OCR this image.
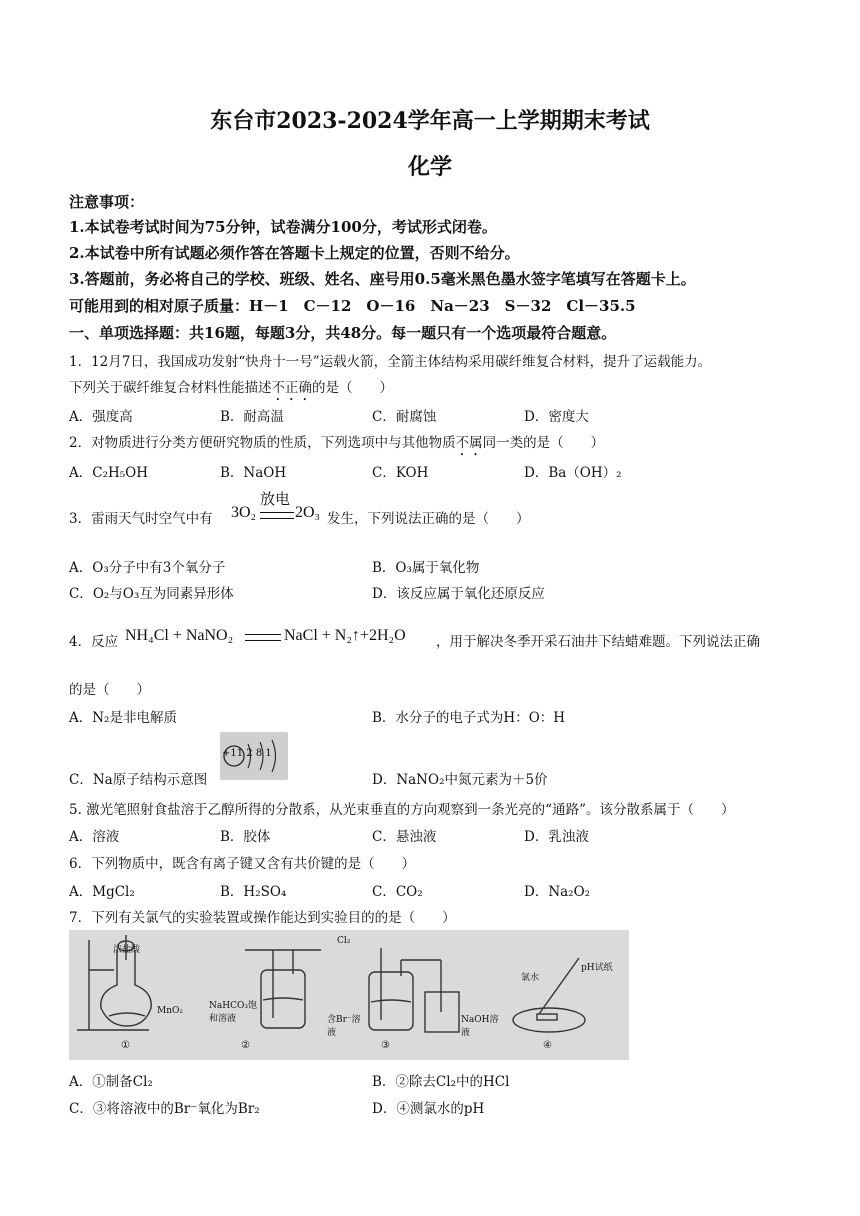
东台市2023-2024学年高一上学期期末考试
化学
注意事项：
1.本试卷考试时间为75分钟，试卷满分100分，考试形式闭卷。
2.本试卷中所有试题必须作答在答题卡上规定的位置，否则不给分。
3.答题前，务必将自己的学校、班级、姓名、座号用0.5毫米黑色墨水签字笔填写在答题卡上。
可能用到的相对原子质量：H－1　C－12　O－16　Na－23　S－32　Cl－35.5
一、单项选择题：共16题，每题3分，共48分。每一题只有一个选项最符合题意。
1．12月7日，我国成功发射“快舟十一号”运载火箭，全箭主体结构采用碳纤维复合材料，提升了运载能力。
下列关于碳纤维复合材料性能描述不正确的是（　　）
A．强度高	B．耐高温	C．耐腐蚀	D．密度大
2．对物质进行分类方便研究物质的性质，下列选项中与其他物质不属同一类的是（　　）
A．C₂H₅OH	B．NaOH	C．KOH	D．Ba（OH）₂
3．雷雨天气时空气中有 3O₂
放电
2O₃ 发生，下列说法正确的是（　　）
A．O₃分子中有3个氧分子	B．O₃属于氧化物
C．O₂与O₃互为同素异形体	D．该反应属于氧化还原反应
4．反应 NH₄Cl + NaNO₂	NaCl + N₂↑+2H₂O ，用于解决冬季开采石油井下结蜡难题。下列说法正确
的是（　　）
A．N₂是非电解质	B．水分子的电子式为H：O：H
C．Na原子结构示意图
+11 2 8 1
D．NaNO₂中氮元素为＋5价
5. 激光笔照射食盐溶于乙醇所得的分散系，从光束垂直的方向观察到一条光亮的“通路”。该分散系属于（　　）
A．溶液	B．胶体	C．悬浊液	D．乳浊液
6．下列物质中，既含有离子键又含有共价键的是（　　）
A．MgCl₂	B．H₂SO₄	C．CO₂	D．Na₂O₂
7．下列有关氯气的实验装置或操作能达到实验目的的是（　　）
浓盐酸
MnO₂
①
NaHCO₃饱和溶液
②
Cl₂
含Br⁻溶液
NaOH溶液
③
氯水
pH试纸
④
A．①制备Cl₂	B．②除去Cl₂中的HCl
C．③将溶液中的Br⁻氧化为Br₂	D．④测氯水的pH
